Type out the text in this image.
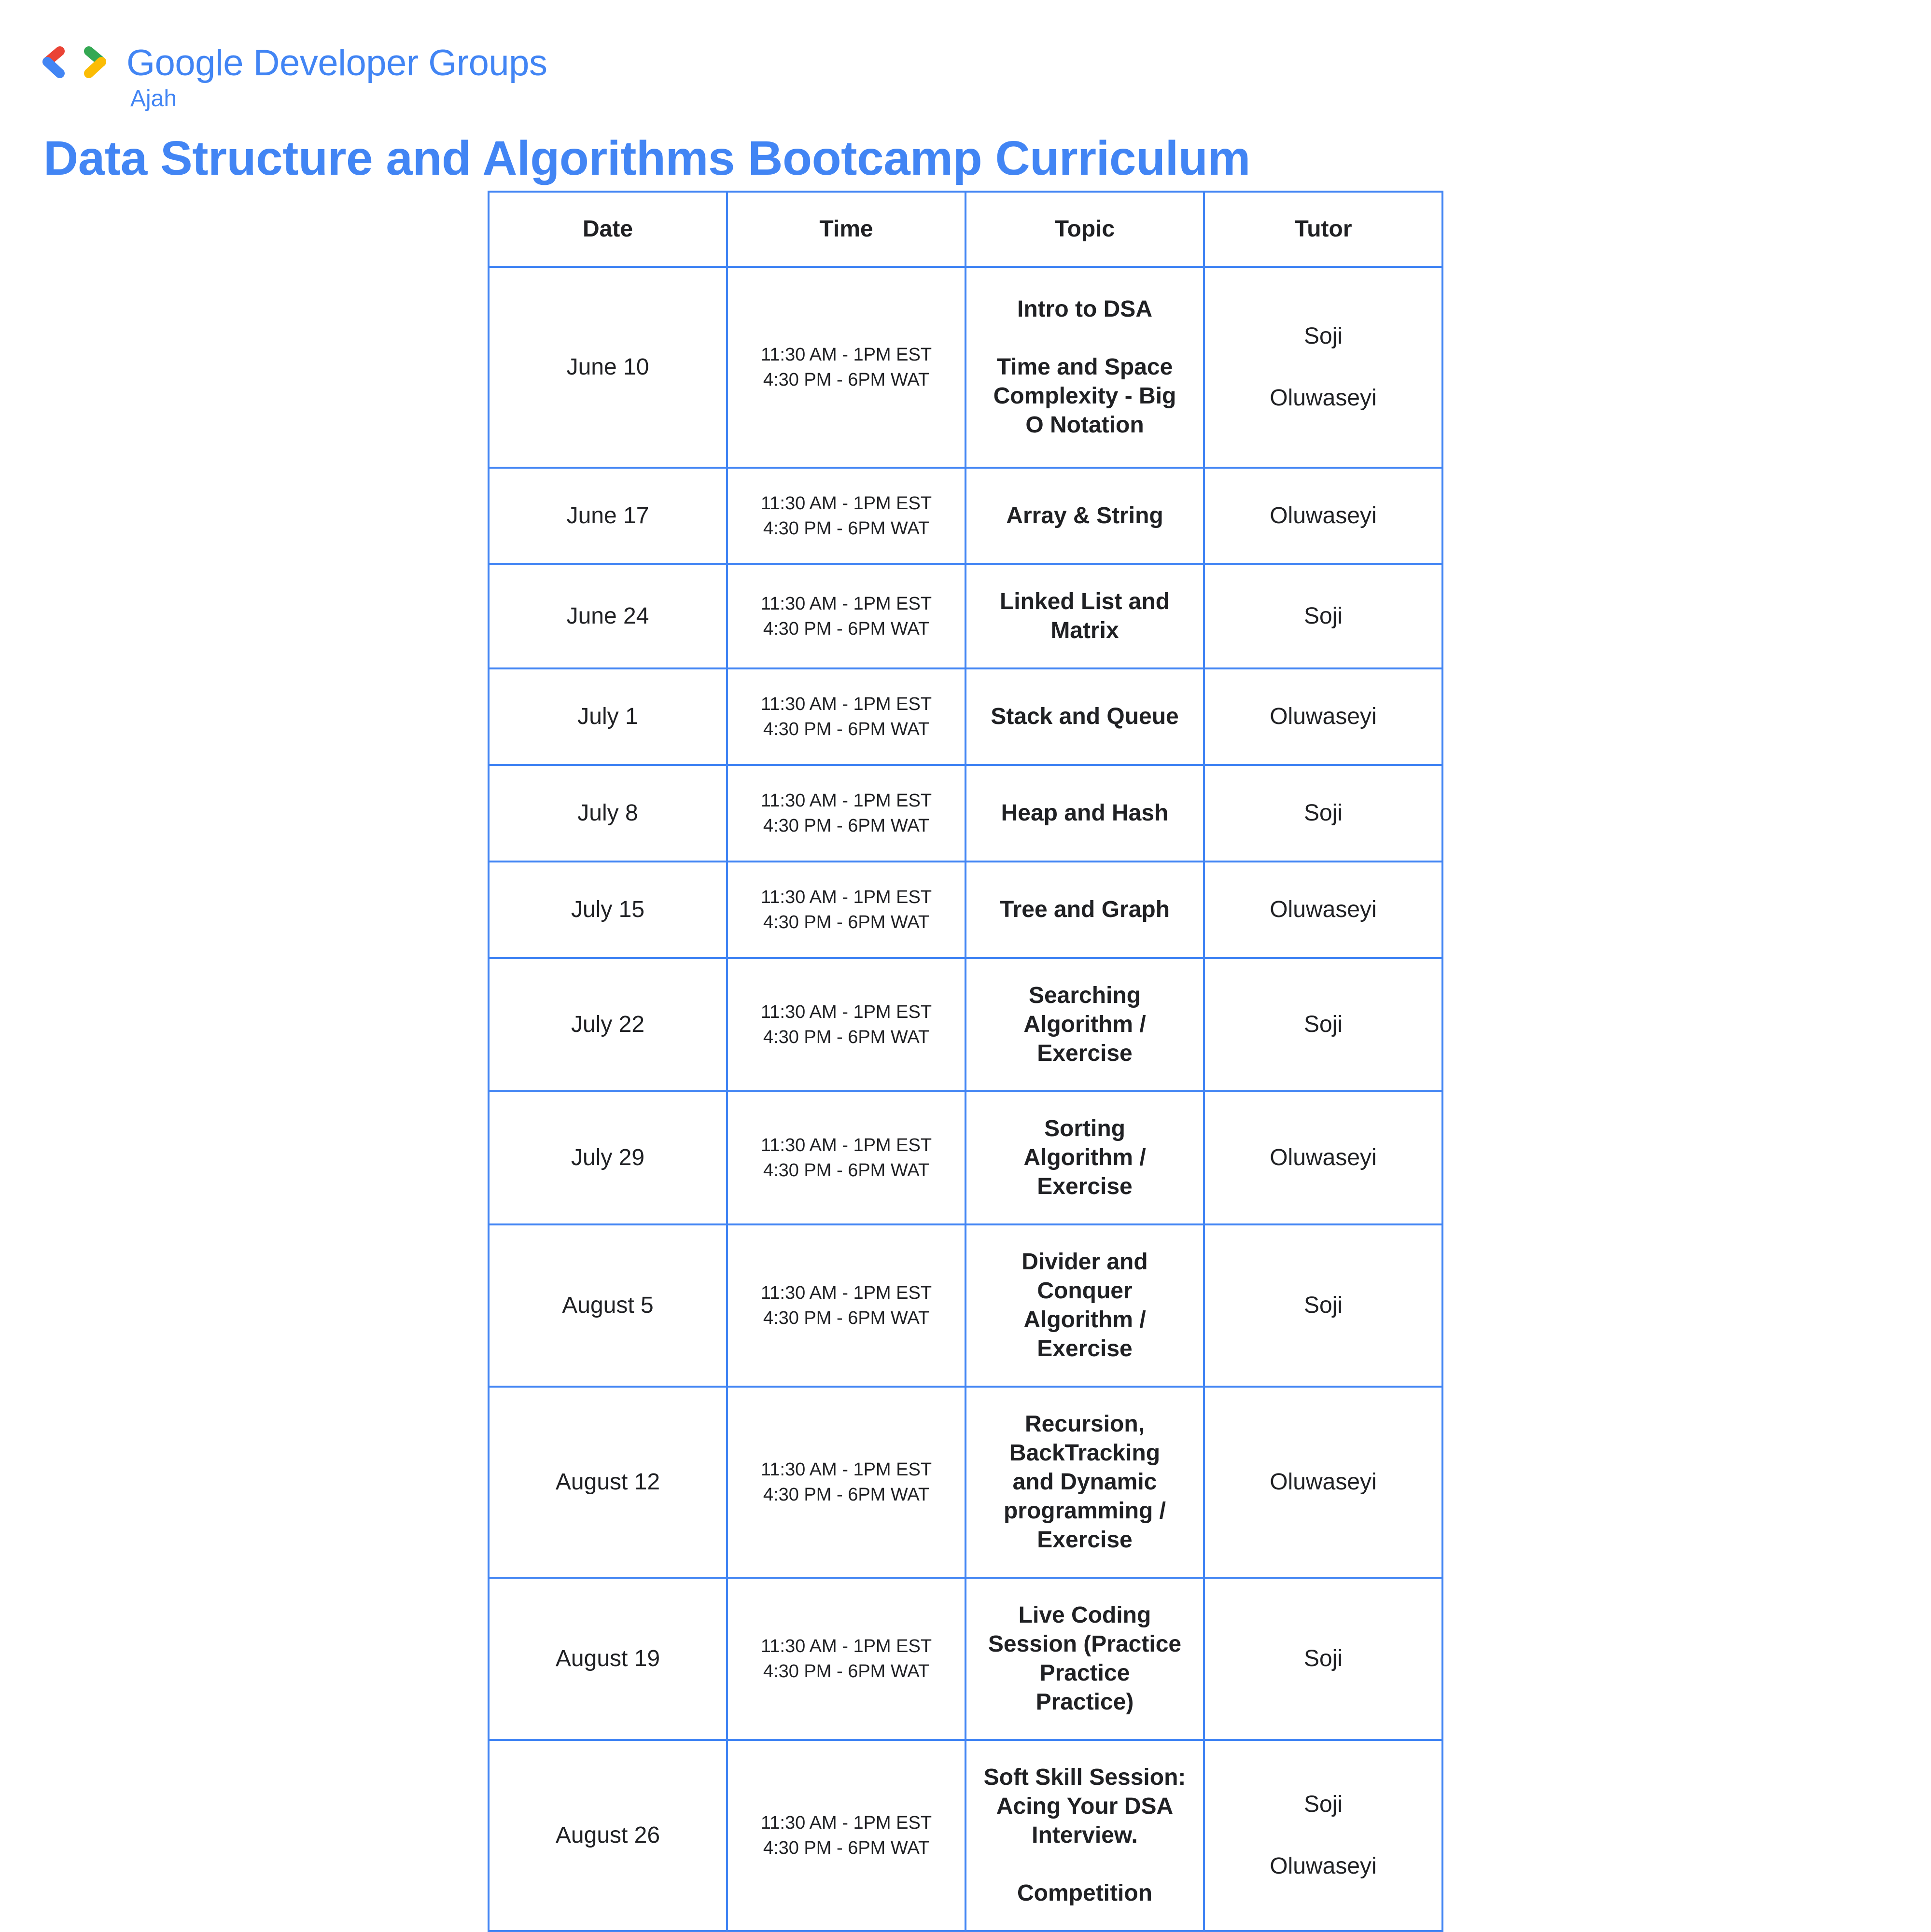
Google Developer Groups
Ajah
Data Structure and Algorithms Bootcamp Curriculum
Date	Time	Topic	Tutor
June 10	11:30 AM - 1PM EST
4:30 PM - 6PM WAT	Intro to DSA

Time and Space
Complexity - Big
O Notation	Soji

Oluwaseyi
June 17	11:30 AM - 1PM EST
4:30 PM - 6PM WAT	Array & String	Oluwaseyi
June 24	11:30 AM - 1PM EST
4:30 PM - 6PM WAT	Linked List and
Matrix	Soji
July 1	11:30 AM - 1PM EST
4:30 PM - 6PM WAT	Stack and Queue	Oluwaseyi
July 8	11:30 AM - 1PM EST
4:30 PM - 6PM WAT	Heap and Hash	Soji
July 15	11:30 AM - 1PM EST
4:30 PM - 6PM WAT	Tree and Graph	Oluwaseyi
July 22	11:30 AM - 1PM EST
4:30 PM - 6PM WAT	Searching
Algorithm /
Exercise	Soji
July 29	11:30 AM - 1PM EST
4:30 PM - 6PM WAT	Sorting
Algorithm /
Exercise	Oluwaseyi
August 5	11:30 AM - 1PM EST
4:30 PM - 6PM WAT	Divider and
Conquer
Algorithm /
Exercise	Soji
August 12	11:30 AM - 1PM EST
4:30 PM - 6PM WAT	Recursion,
BackTracking
and Dynamic
programming /
Exercise	Oluwaseyi
August 19	11:30 AM - 1PM EST
4:30 PM - 6PM WAT	Live Coding
Session (Practice
Practice
Practice)	Soji
August 26	11:30 AM - 1PM EST
4:30 PM - 6PM WAT	Soft Skill Session:
Acing Your DSA
Interview.

Competition	Soji

Oluwaseyi
